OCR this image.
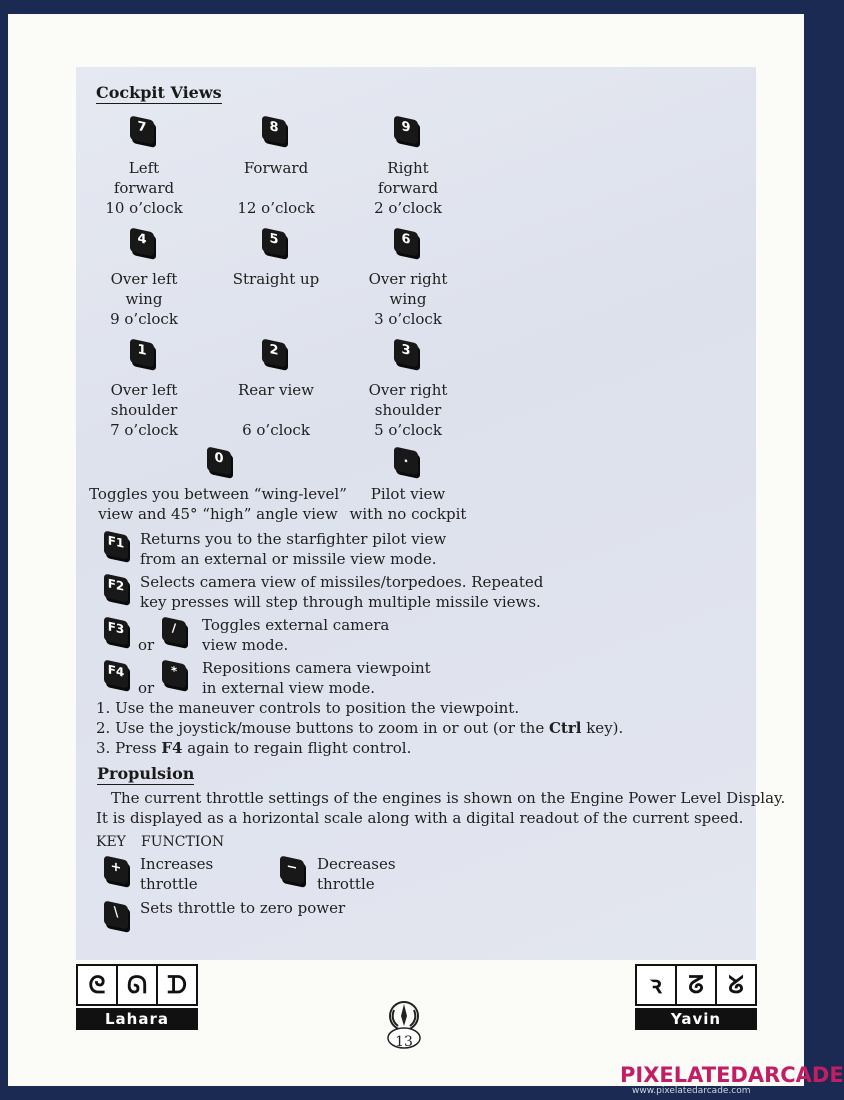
Cockpit Views
7
Left
forward
10 o’clock
8
Forward

12 o’clock
9
Right
forward
2 o’clock
4
Over left
wing
9 o’clock
5
Straight up
6
Over right
wing
3 o’clock
1
Over left
shoulder
7 o’clock
2
Rear view

6 o’clock
3
Over right
shoulder
5 o’clock
0
Toggles you between “wing-level”
view and 45° “high” angle view
.
Pilot view
with no cockpit
F1 Returns you to the starfighter pilot view
from an external or missile view mode.
F2 Selects camera view of missiles/torpedoes. Repeated
key presses will step through multiple missile views.
F3
or
/	Toggles external camera
view mode.
F4
or
*	Repositions camera viewpoint
in external view mode.
1. Use the maneuver controls to position the viewpoint.
2. Use the joystick/mouse buttons to zoom in or out (or the Ctrl key).
3. Press F4 again to regain flight control.
Propulsion
The current throttle settings of the engines is shown on the Engine Power Level Display.
It is displayed as a horizontal scale along with a digital readout of the current speed.
KEY FUNCTION
+	Increases
throttle
−	Decreases
throttle
\	Sets throttle to zero power
ᘓ ᘏ ᗪ
Lahara
ꝛ	ᘔ	ᘜ
Yavin
13
PIXELATEDARCADE
www.pixelatedarcade.com
